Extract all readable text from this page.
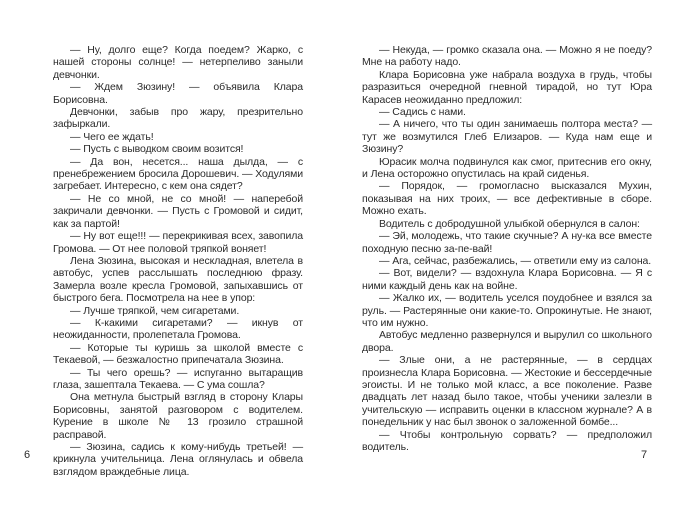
— Ну, долго еще? Когда поедем? Жарко, с нашей стороны солнце! — нетерпеливо заныли девчонки.

— Ждем Зюзину! — объявила Клара Борисовна.

Девчонки, забыв про жару, презрительно зафыркали.

— Чего ее ждать!

— Пусть с выводком своим возится!

— Да вон, несется... наша дылда, — с пренебрежением бросила Дорошевич. — Ходулями загребает. Интересно, с кем она сядет?

— Не со мной, не со мной! — наперебой закричали девчонки. — Пусть с Громовой и сидит, как за партой!

— Ну вот еще!!! — перекрикивая всех, завопила Громова. — От нее половой тряпкой воняет!

Лена Зюзина, высокая и нескладная, влетела в автобус, успев расслышать последнюю фразу. Замерла возле кресла Громовой, запыхавшись от быстрого бега. Посмотрела на нее в упор:

— Лучше тряпкой, чем сигаретами.

— К-какими сигаретами? — икнув от неожиданности, пролепетала Громова.

— Которые ты куришь за школой вместе с Текаевой, — безжалостно припечатала Зюзина.

— Ты чего орешь? — испуганно вытаращив глаза, зашептала Текаева. — С ума сошла?

Она метнула быстрый взгляд в сторону Клары Борисовны, занятой разговором с водителем. Курение в школе № 13 грозило страшной расправой.

— Зюзина, садись к кому-нибудь третьей! — крикнула учительница. Лена оглянулась и обвела взглядом враждебные лица.

— Некуда, — громко сказала она. — Можно я не поеду? Мне на работу надо.

Клара Борисовна уже набрала воздуха в грудь, чтобы разразиться очередной гневной тирадой, но тут Юра Карасев неожиданно предложил:

— Садись с нами.

— А ничего, что ты один занимаешь полтора места? — тут же возмутился Глеб Елизаров. — Куда нам еще и Зюзину?

Юрасик молча подвинулся как смог, притеснив его окну, и Лена осторожно опустилась на край сиденья.

— Порядок, — громогласно высказался Мухин, показывая на них троих, — все дефективные в сборе. Можно ехать.

Водитель с добродушной улыбкой обернулся в салон:

— Эй, молодежь, что такие скучные? А ну-ка все вместе походную песню за-пе-вай!

— Ага, сейчас, разбежались, — ответили ему из салона.

— Вот, видели? — вздохнула Клара Борисовна. — Я с ними каждый день как на войне.

— Жалко их, — водитель уселся поудобнее и взялся за руль. — Растерянные они какие-то. Опрокинутые. Не знают, что им нужно.

Автобус медленно развернулся и вырулил со школьного двора.

— Злые они, а не растерянные, — в сердцах произнесла Клара Борисовна. — Жестокие и бессердечные эгоисты. И не только мой класс, а все поколение. Разве двадцать лет назад было такое, чтобы ученики залезли в учительскую — исправить оценки в классном журнале? А в понедельник у нас был звонок о заложенной бомбе...

— Чтобы контрольную сорвать? — предположил водитель.

6	7
